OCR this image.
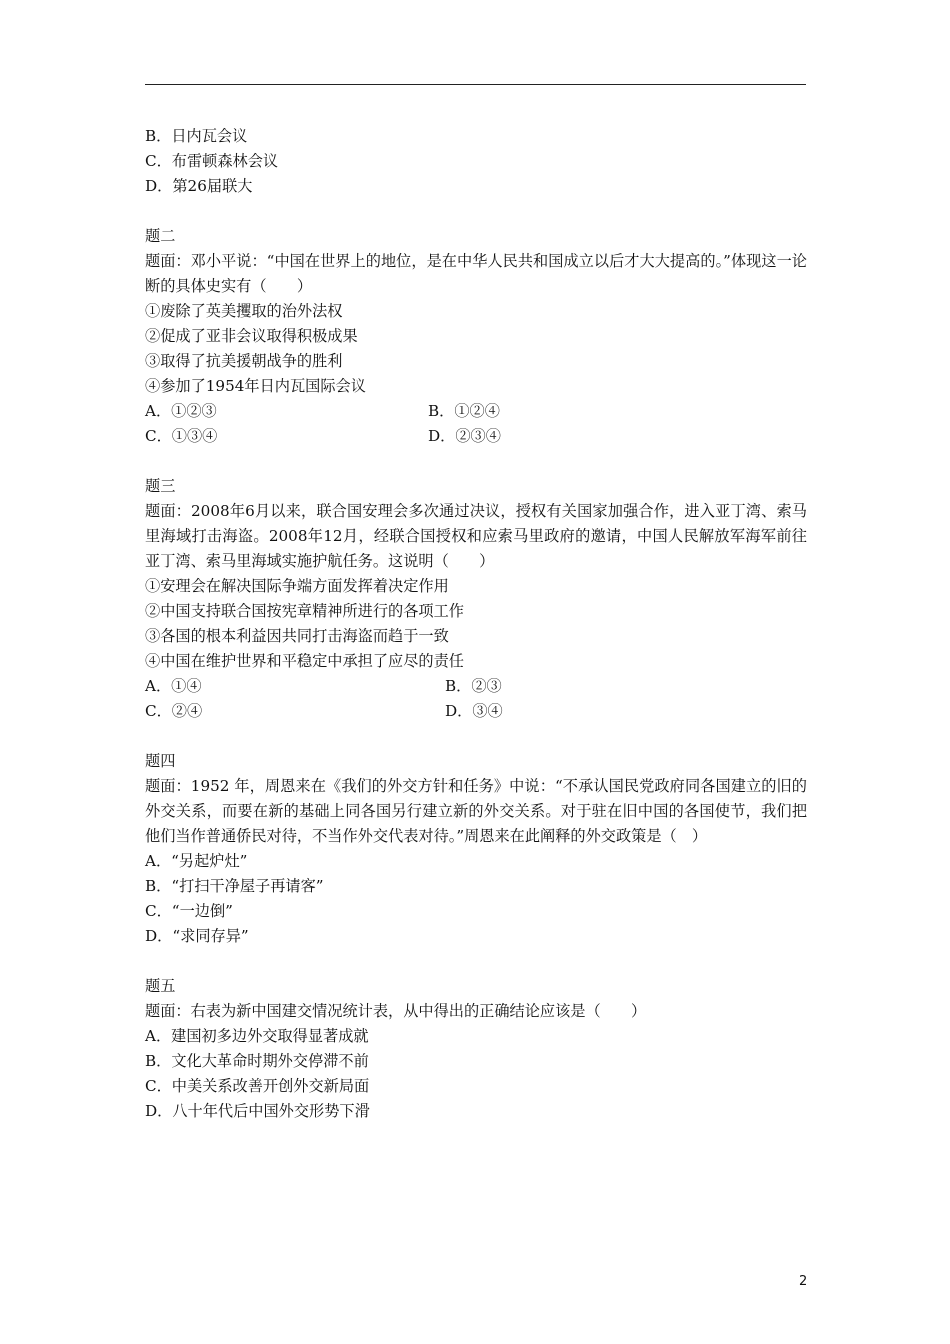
B．日内瓦会议
C．布雷顿森林会议
D．第26届联大
题二
题面：邓小平说：“中国在世界上的地位，是在中华人民共和国成立以后才大大提高的。”体现这一论断的具体史实有（　　）
①废除了英美攫取的治外法权
②促成了亚非会议取得积极成果
③取得了抗美援朝战争的胜利
④参加了1954年日内瓦国际会议
A．①②③	B．①②④
C．①③④	D．②③④
题三
题面：2008年6月以来，联合国安理会多次通过决议，授权有关国家加强合作，进入亚丁湾、索马里海域打击海盗。2008年12月，经联合国授权和应索马里政府的邀请，中国人民解放军海军前往亚丁湾、索马里海域实施护航任务。这说明（　　）
①安理会在解决国际争端方面发挥着决定作用
②中国支持联合国按宪章精神所进行的各项工作
③各国的根本利益因共同打击海盗而趋于一致
④中国在维护世界和平稳定中承担了应尽的责任
A．①④	B．②③
C．②④	D．③④
题四
题面：1952 年，周恩来在《我们的外交方针和任务》中说：“不承认国民党政府同各国建立的旧的外交关系，而要在新的基础上同各国另行建立新的外交关系。对于驻在旧中国的各国使节，我们把他们当作普通侨民对待，不当作外交代表对待。”周恩来在此阐释的外交政策是（　）
A．“另起炉灶”
B．“打扫干净屋子再请客”
C．“一边倒”
D．“求同存异”
题五
题面：右表为新中国建交情况统计表，从中得出的正确结论应该是（　　）
A．建国初多边外交取得显著成就
B．文化大革命时期外交停滞不前
C．中美关系改善开创外交新局面
D．八十年代后中国外交形势下滑
2
